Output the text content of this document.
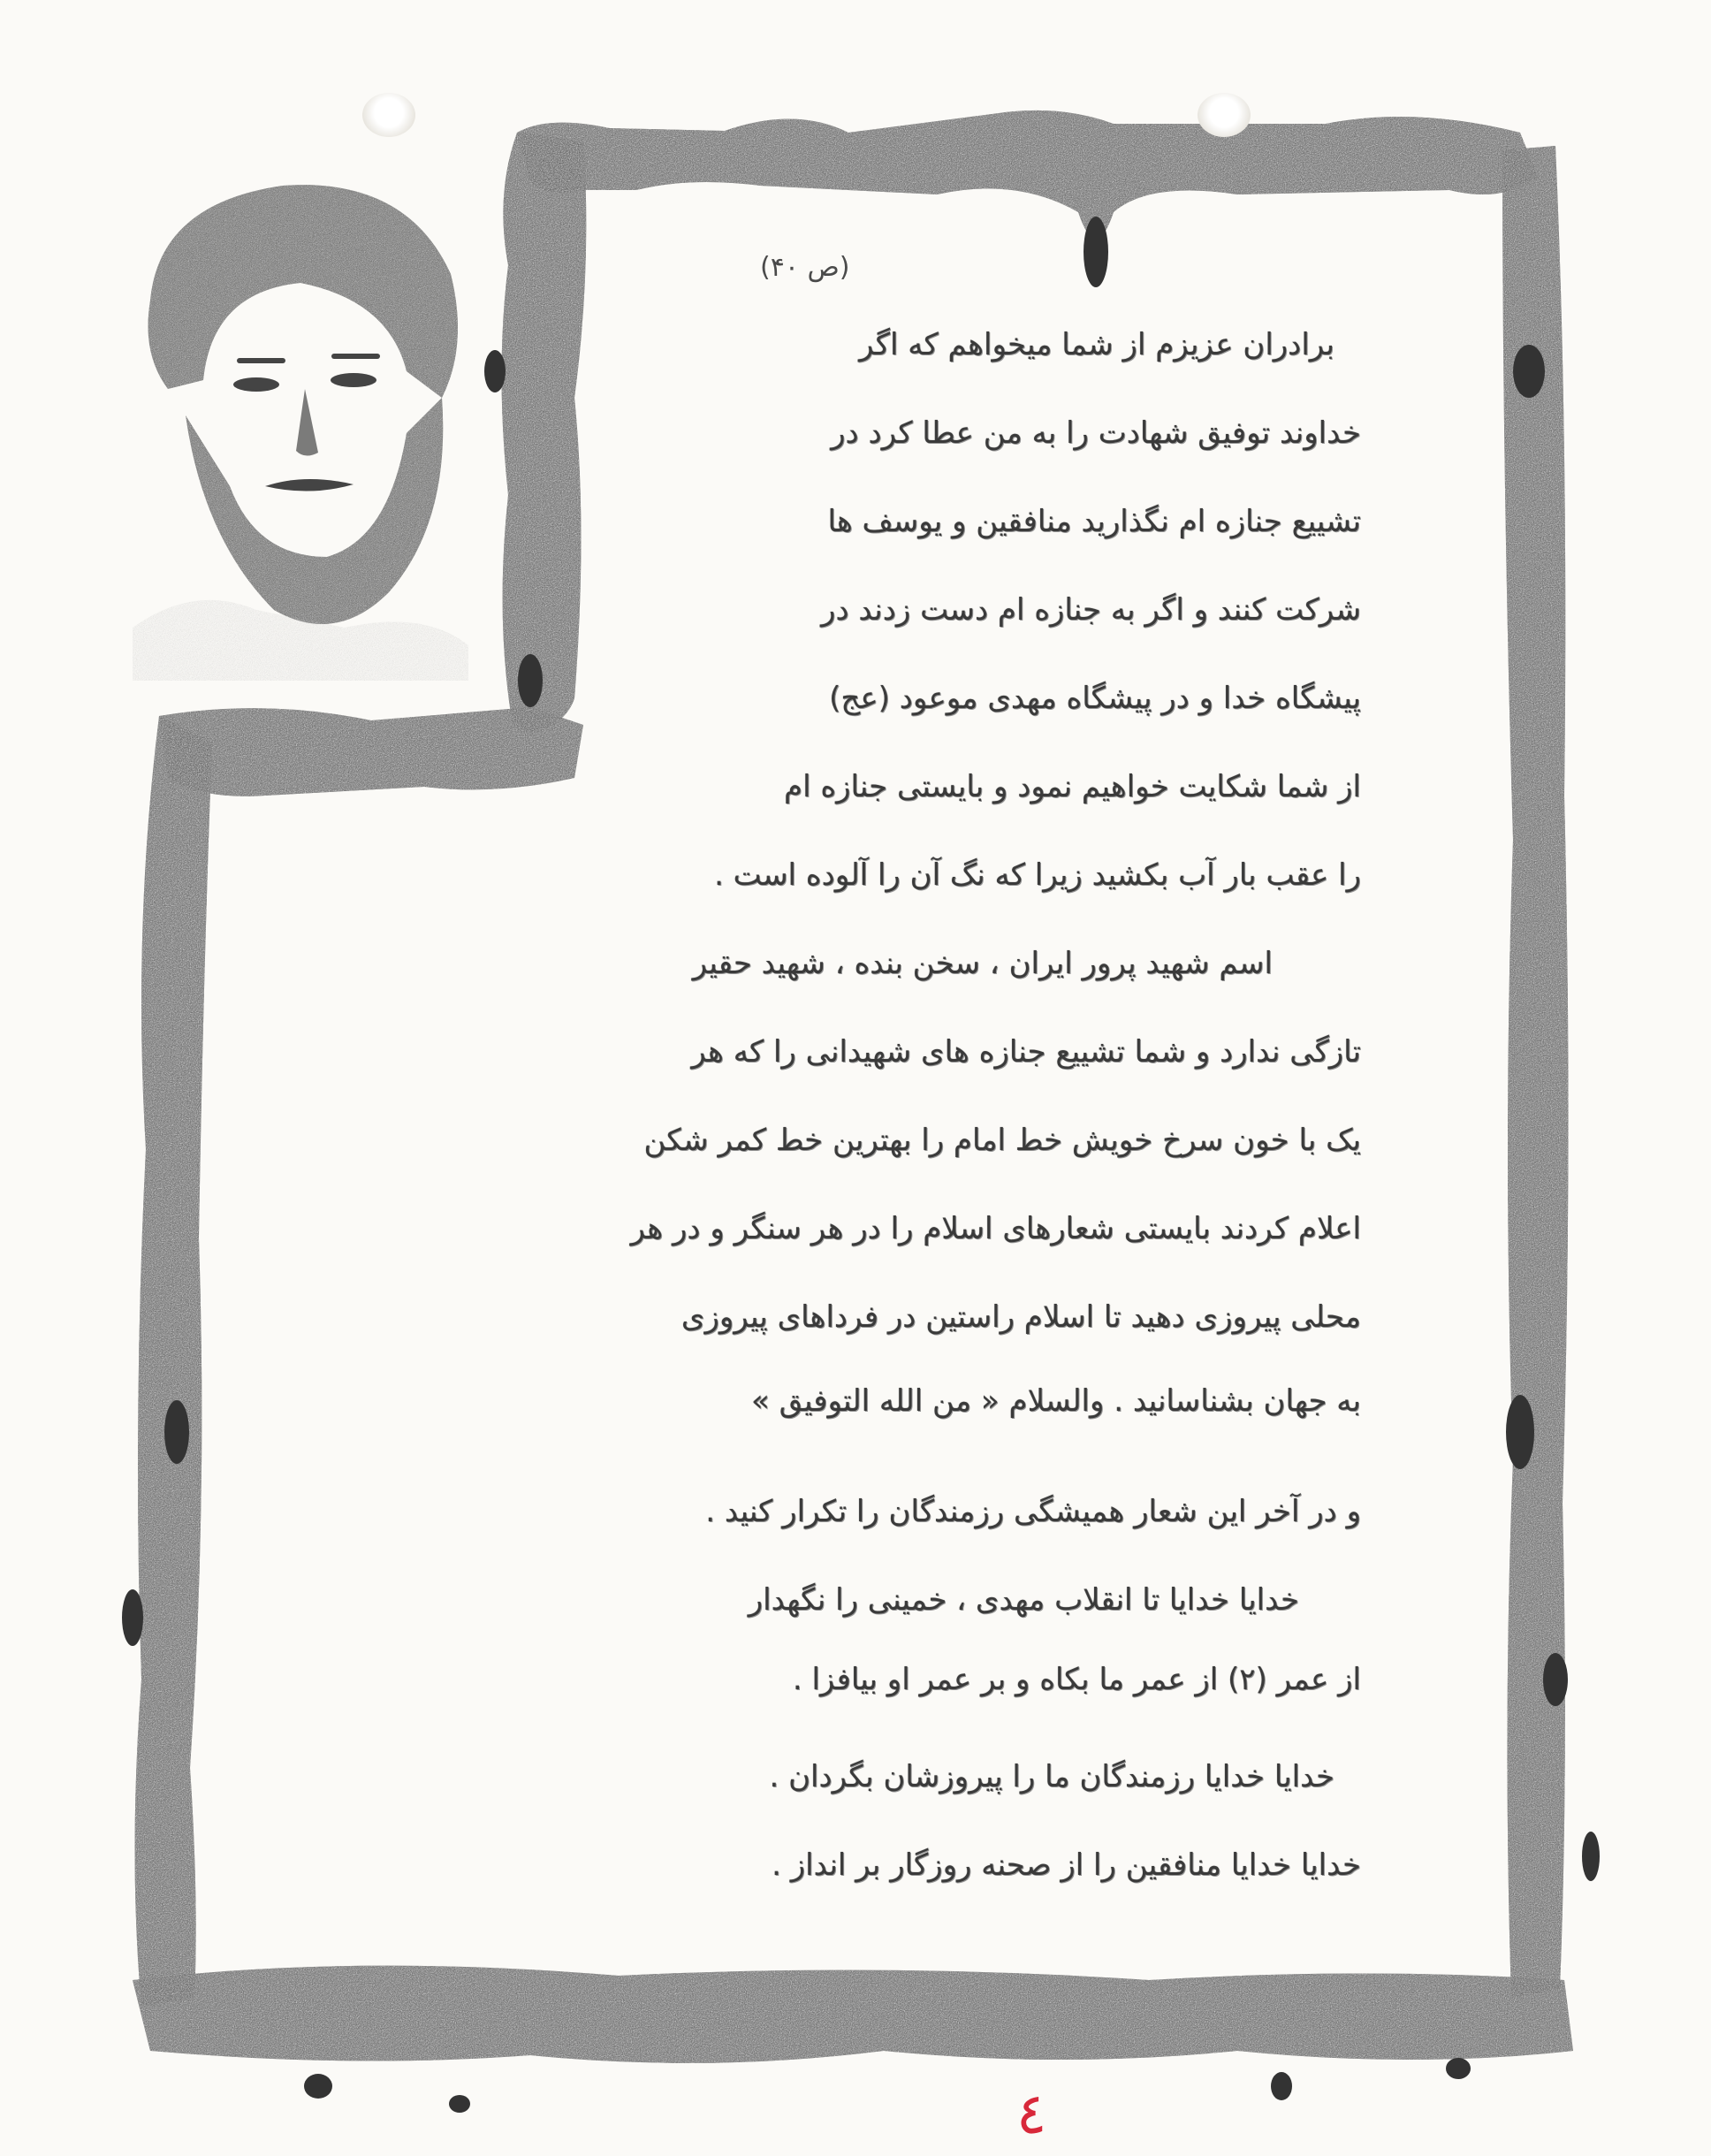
(ص ۴۰)
برادران عزیزم از شما میخواهم که اگر
خداوند توفیق شهادت را به من عطا کرد در
تشییع جنازه ام نگذارید منافقین و یوسف ها
شرکت کنند و اگر به جنازه ام دست زدند در
پیشگاه خدا و در پیشگاه مهدی موعود (عج)
از شما شکایت خواهیم نمود و بایستی جنازه ام
را عقب بار آب بکشید زیرا که نگ آن را آلوده است .
اسم شهید پرور ایران ، سخن بنده ، شهید حقیر
تازگی ندارد و شما تشییع جنازه های شهیدانی را که هر
یک با خون سرخ خویش خط امام را بهترین خط کمر شکن
اعلام کردند بایستی شعارهای اسلام را در هر سنگر و در هر
محلی پیروزی دهید تا اسلام راستین در فرداهای پیروزی
به جهان بشناسانید . والسلام « من الله التوفیق »
و در آخر این شعار همیشگی رزمندگان را تکرار کنید .
خدایا خدایا تا انقلاب مهدی ، خمینی را نگهدار
از عمر (۲) از عمر ما بکاه و بر عمر او بیافزا .
خدایا خدایا رزمندگان ما را پیروزشان بگردان .
خدایا خدایا منافقین را از صحنه روزگار بر انداز .
٤
